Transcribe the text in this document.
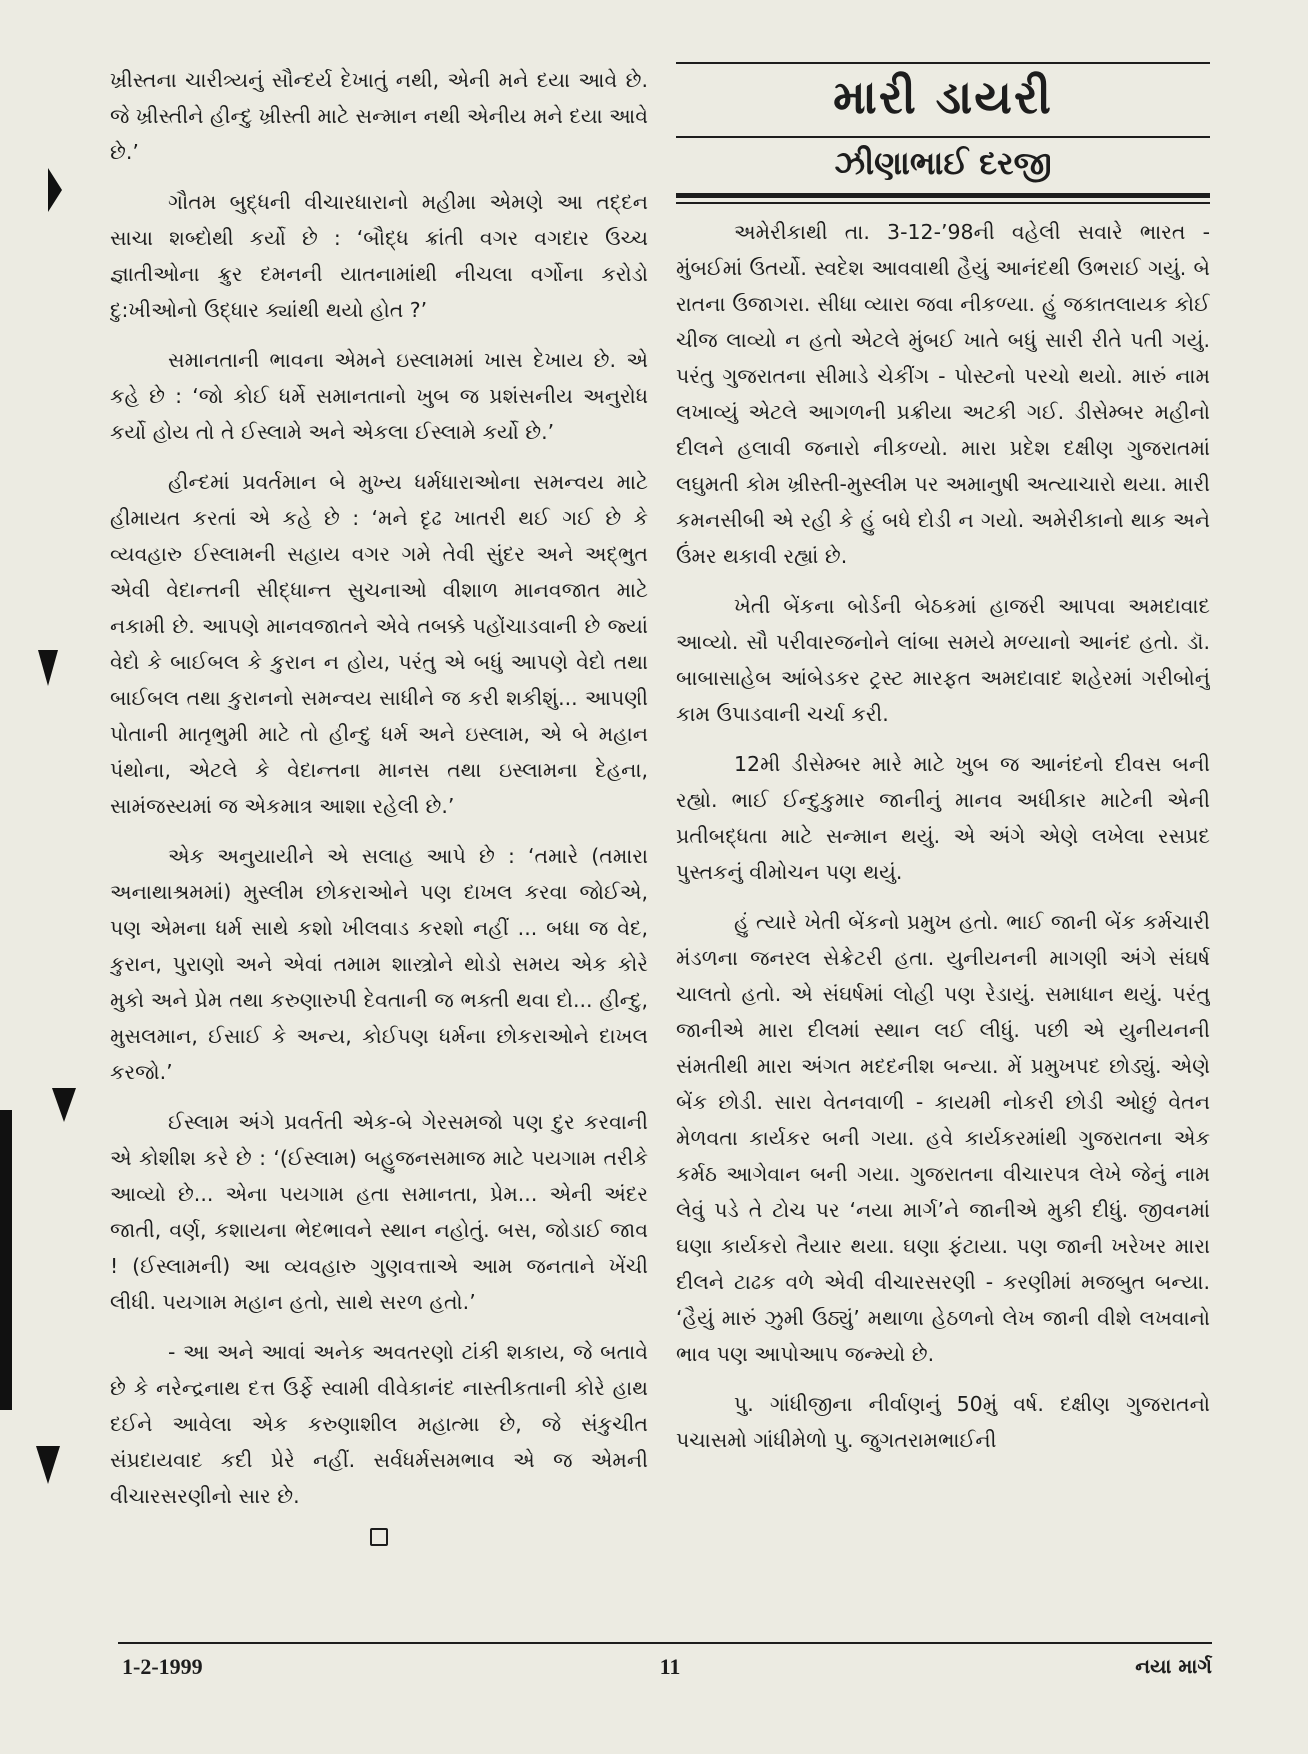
ખ્રીસ્તના ચારીત્ર્યનું સૌન્દર્ય દેખાતું નથી, એની મને દયા આવે છે. જે ખ્રીસ્તીને હીન્દુ ખ્રીસ્તી માટે સન્માન નથી એનીય મને દયા આવે છે.’

ગૌતમ બુદ્ધની વીચારધારાનો મહીમા એમણે આ તદ્દન સાચા શબ્દોથી કર્યો છે : ‘બૌદ્ધ ક્રાંતી વગર વગદાર ઉચ્ચ જ્ઞાતીઓના ક્રુર દમનની યાતનામાંથી નીચલા વર્ગોના કરોડો દુ:ખીઓનો ઉદ્ધાર ક્યાંથી થયો હોત ?’

સમાનતાની ભાવના એમને ઇસ્લામમાં ખાસ દેખાય છે. એ કહે છે : ‘જો કોઈ ધર્મે સમાનતાનો ખુબ જ પ્રશંસનીય અનુરોધ કર્યો હોય તો તે ઈસ્લામે અને એકલા ઈસ્લામે કર્યો છે.’

હીન્દમાં પ્રવર્તમાન બે મુખ્ય ધર્મધારાઓના સમન્વય માટે હીમાયત કરતાં એ કહે છે : ‘મને દૃઢ ખાતરી થઈ ગઈ છે કે વ્યવહારુ ઈસ્લામની સહાય વગર ગમે તેવી સુંદર અને અદ્ભુત એવી વેદાન્તની સીદ્ધાન્ત સુચનાઓ વીશાળ માનવજાત માટે નકામી છે. આપણે માનવજાતને એવે તબક્કે પહોંચાડવાની છે જ્યાં વેદો કે બાઈબલ કે કુરાન ન હોય, પરંતુ એ બધું આપણે વેદો તથા બાઈબલ તથા કુરાનનો સમન્વય સાધીને જ કરી શકીશું... આપણી પોતાની માતૃભુમી માટે તો હીન્દુ ધર્મ અને ઇસ્લામ, એ બે મહાન પંથોના, એટલે કે વેદાન્તના માનસ તથા ઇસ્લામના દેહના, સામંજસ્યમાં જ એકમાત્ર આશા રહેલી છે.’

એક અનુયાયીને એ સલાહ આપે છે : ‘તમારે (તમારા અનાથાશ્રમમાં) મુસ્લીમ છોકરાઓને પણ દાખલ કરવા જોઈએ, પણ એમના ધર્મ સાથે કશો ખીલવાડ કરશો નહીં ... બધા જ વેદ, કુરાન, પુરાણો અને એવાં તમામ શાસ્ત્રોને થોડો સમય એક કોરે મુકો અને પ્રેમ તથા કરુણારુપી દેવતાની જ ભક્તી થવા દો... હીન્દુ, મુસલમાન, ઈસાઈ કે અન્ય, કોઈપણ ધર્મના છોકરાઓને દાખલ કરજો.’

ઈસ્લામ અંગે પ્રવર્તતી એક-બે ગેરસમજો પણ દુર કરવાની એ કોશીશ કરે છે : ‘(ઈસ્લામ) બહુજનસમાજ માટે પયગામ તરીકે આવ્યો છે... એના પયગામ હતા સમાનતા, પ્રેમ... એની અંદર જાતી, વર્ણ, કશાયના ભેદભાવને સ્થાન નહોતું. બસ, જોડાઈ જાવ ! (ઈસ્લામની) આ વ્યવહારુ ગુણવત્તાએ આમ જનતાને ખેંચી લીધી. પયગામ મહાન હતો, સાથે સરળ હતો.’

- આ અને આવાં અનેક અવતરણો ટાંકી શકાય, જે બતાવે છે કે નરેન્દ્રનાથ દત્ત ઉર્ફે સ્વામી વીવેકાનંદ નાસ્તીકતાની કોરે હાથ દઈને આવેલા એક કરુણાશીલ મહાત્મા છે, જે સંકુચીત સંપ્રદાયવાદ કદી પ્રેરે નહીં. સર્વધર્મસમભાવ એ જ એમની વીચારસરણીનો સાર છે.

મારી ડાયરી
ઝીણાભાઈ દરજી

અમેરીકાથી તા. 3-12-’98ની વહેલી સવારે ભારત - મુંબઈમાં ઉતર્યો. સ્વદેશ આવવાથી હૈયું આનંદથી ઉભરાઈ ગયું. બે રાતના ઉજાગરા. સીધા વ્યારા જવા નીકળ્યા. હું જકાતલાયક કોઈ ચીજ લાવ્યો ન હતો એટલે મુંબઈ ખાતે બધું સારી રીતે પતી ગયું. પરંતુ ગુજરાતના સીમાડે ચેકીંગ - પોસ્ટનો પરચો થયો. મારું નામ લખાવ્યું એટલે આગળની પ્રક્રીયા અટકી ગઈ. ડીસેમ્બર મહીનો દીલને હલાવી જનારો નીકળ્યો. મારા પ્રદેશ દક્ષીણ ગુજરાતમાં લઘુમતી કોમ ખ્રીસ્તી-મુસ્લીમ પર અમાનુષી અત્યાચારો થયા. મારી કમનસીબી એ રહી કે હું બધે દોડી ન ગયો. અમેરીકાનો થાક અને ઉંમર થકાવી રહ્યાં છે.

ખેતી બેંકના બોર્ડની બેઠકમાં હાજરી આપવા અમદાવાદ આવ્યો. સૌ પરીવારજનોને લાંબા સમયે મળ્યાનો આનંદ હતો. ડૉ. બાબાસાહેબ આંબેડકર ટ્રસ્ટ મારફત અમદાવાદ શહેરમાં ગરીબોનું કામ ઉપાડવાની ચર્ચા કરી.

12મી ડીસેમ્બર મારે માટે ખુબ જ આનંદનો દીવસ બની રહ્યો. ભાઈ ઈન્દુકુમાર જાનીનું માનવ અધીકાર માટેની એની પ્રતીબદ્ધતા માટે સન્માન થયું. એ અંગે એણે લખેલા રસપ્રદ પુસ્તકનું વીમોચન પણ થયું.

હું ત્યારે ખેતી બેંકનો પ્રમુખ હતો. ભાઈ જાની બેંક કર્મચારી મંડળના જનરલ સેક્રેટરી હતા. યુનીયનની માગણી અંગે સંઘર્ષ ચાલતો હતો. એ સંઘર્ષમાં લોહી પણ રેડાયું. સમાધાન થયું. પરંતુ જાનીએ મારા દીલમાં સ્થાન લઈ લીધું. પછી એ યુનીયનની સંમતીથી મારા અંગત મદદનીશ બન્યા. મેં પ્રમુખપદ છોડ્યું. એણે બેંક છોડી. સારા વેતનવાળી - કાયમી નોકરી છોડી ઓછું વેતન મેળવતા કાર્યકર બની ગયા. હવે કાર્યકરમાંથી ગુજરાતના એક કર્મઠ આગેવાન બની ગયા. ગુજરાતના વીચારપત્ર લેખે જેનું નામ લેવું પડે તે ટોચ પર ‘નયા માર્ગ’ને જાનીએ મુકી દીધું. જીવનમાં ઘણા કાર્યકરો તૈયાર થયા. ઘણા ફંટાયા. પણ જાની ખરેખર મારા દીલને ટાઢક વળે એવી વીચારસરણી - કરણીમાં મજબુત બન્યા. ‘હૈયું મારું ઝુમી ઉઠ્યું’ મથાળા હેઠળનો લેખ જાની વીશે લખવાનો ભાવ પણ આપોઆપ જન્મ્યો છે.

પુ. ગાંધીજીના નીર્વાણનું 50મું વર્ષ. દક્ષીણ ગુજરાતનો પચાસમો ગાંધીમેળો પુ. જુગતરામભાઈની

1-2-1999	11	નયા માર્ગ
